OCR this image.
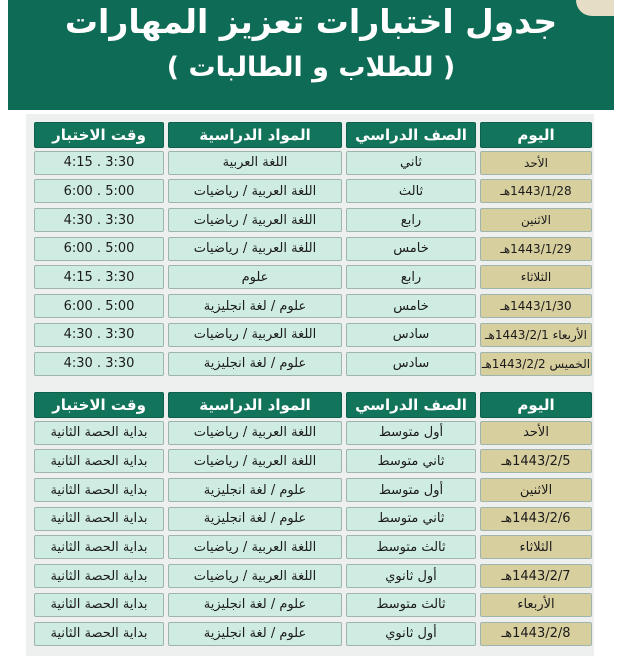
جدول اختبارات تعزيز المهارات
( للطلاب و الطالبات )
اليوم
الصف الدراسي
المواد الدراسية
وقت الاختبار
الأحد
ثاني
اللغة العربية
3:30 . 4:15
1443/1/28هـ
ثالث
اللغة العربية / رياضيات
5:00 . 6:00
الاثنين
رابع
اللغة العربية / رياضيات
3:30 . 4:30
1443/1/29هـ
خامس
اللغة العربية / رياضيات
5:00 . 6:00
الثلاثاء
رابع
علوم
3:30 . 4:15
1443/1/30هـ
خامس
علوم / لغة انجليزية
5:00 . 6:00
الأربعاء 1443/2/1هـ
سادس
اللغة العربية / رياضيات
3:30 . 4:30
الخميس 1443/2/2هـ
سادس
علوم / لغة انجليزية
3:30 . 4:30
اليوم
الصف الدراسي
المواد الدراسية
وقت الاختبار
الأحد
أول متوسط
اللغة العربية / رياضيات
بداية الحصة الثانية
1443/2/5هـ
ثاني متوسط
اللغة العربية / رياضيات
بداية الحصة الثانية
الاثنين
أول متوسط
علوم / لغة انجليزية
بداية الحصة الثانية
1443/2/6هـ
ثاني متوسط
علوم / لغة انجليزية
بداية الحصة الثانية
الثلاثاء
ثالث متوسط
اللغة العربية / رياضيات
بداية الحصة الثانية
1443/2/7هـ
أول ثانوي
اللغة العربية / رياضيات
بداية الحصة الثانية
الأربعاء
ثالث متوسط
علوم / لغة انجليزية
بداية الحصة الثانية
1443/2/8هـ
أول ثانوي
علوم / لغة انجليزية
بداية الحصة الثانية
